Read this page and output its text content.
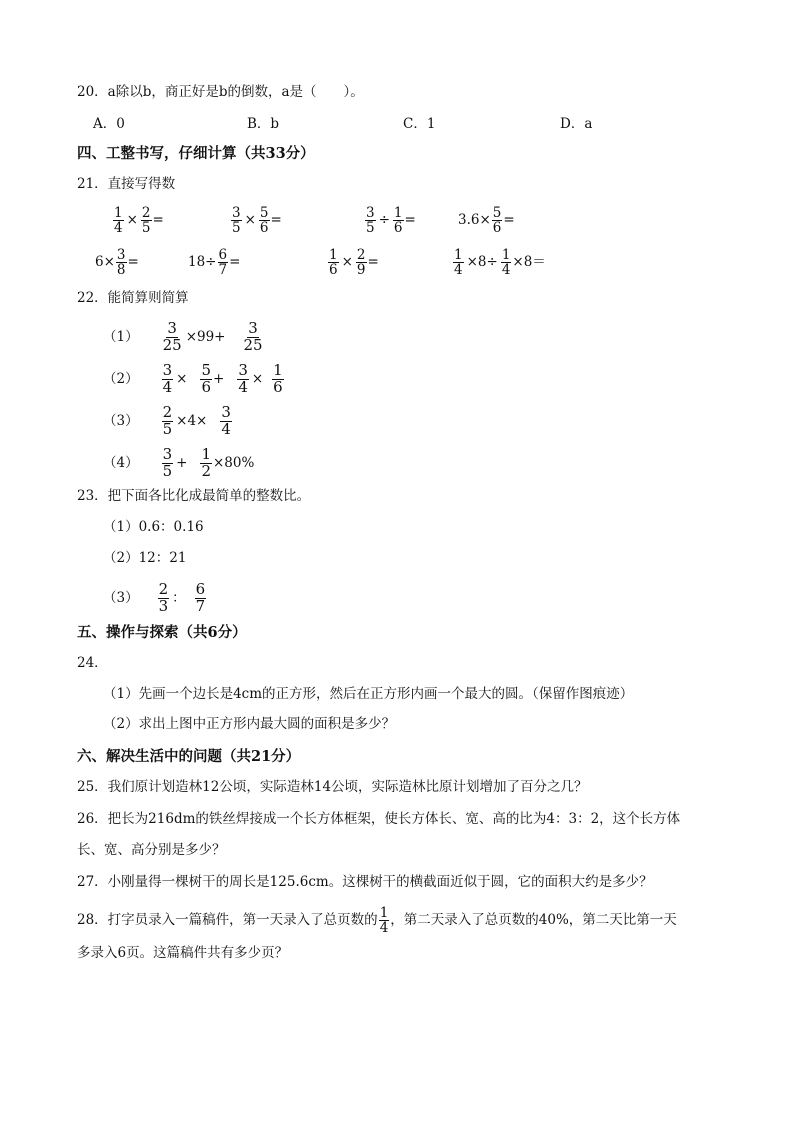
20．a除以b，商正好是b的倒数，a是（　　）。
A．0	B．b	C．1	D．a
四、工整书写，仔细计算（共33分）
21．直接写得数
$\frac{1}{4} \times \frac{2}{5}$ =	$\frac{3}{5} \times \frac{5}{6}$ =	$\frac{3}{5} \div \frac{1}{6}$ =	$3.6\times \frac{5}{6}$ =
$6\times \frac{3}{8}$ =	$18\div \frac{6}{7}$ =	$\frac{1}{6} \times \frac{2}{9}$ =	$\frac{1}{4} \times 8\div \frac{1}{4} \times 8=$
22．能简算则简算
$(1) \frac{3}{25} \times 99+ \frac{3}{25}$
$(2) \frac{3}{4} \times \frac{5}{6} + \frac{3}{4} \times \frac{1}{6}$
$(3) \frac{2}{5} \times 4\times \frac{3}{4}$
$(4) \frac{3}{5} + \frac{1}{2} \times 80\%$
23．把下面各比化成最简单的整数比。
（1）0.6：0.16
（2）12：21
$(3) \frac{2}{3}$ ： $\frac{6}{7}$
五、操作与探索（共6分）
24．
（1）先画一个边长是4cm的正方形，然后在正方形内画一个最大的圆。（保留作图痕迹）
（2）求出上图中正方形内最大圆的面积是多少？
六、解决生活中的问题（共21分）
25．我们原计划造林12公顷，实际造林14公顷，实际造林比原计划增加了百分之几？
26．把长为216dm的铁丝焊接成一个长方体框架，使长方体长、宽、高的比为4：3：2，这个长方体
长、宽、高分别是多少？
27．小刚量得一棵树干的周长是125.6cm。这棵树干的横截面近似于圆，它的面积大约是多少？
28．打字员录入一篇稿件，第一天录入了总页数的 $\frac{1}{4}$ ，第二天录入了总页数的40%，第二天比第一天
多录入6页。这篇稿件共有多少页？
